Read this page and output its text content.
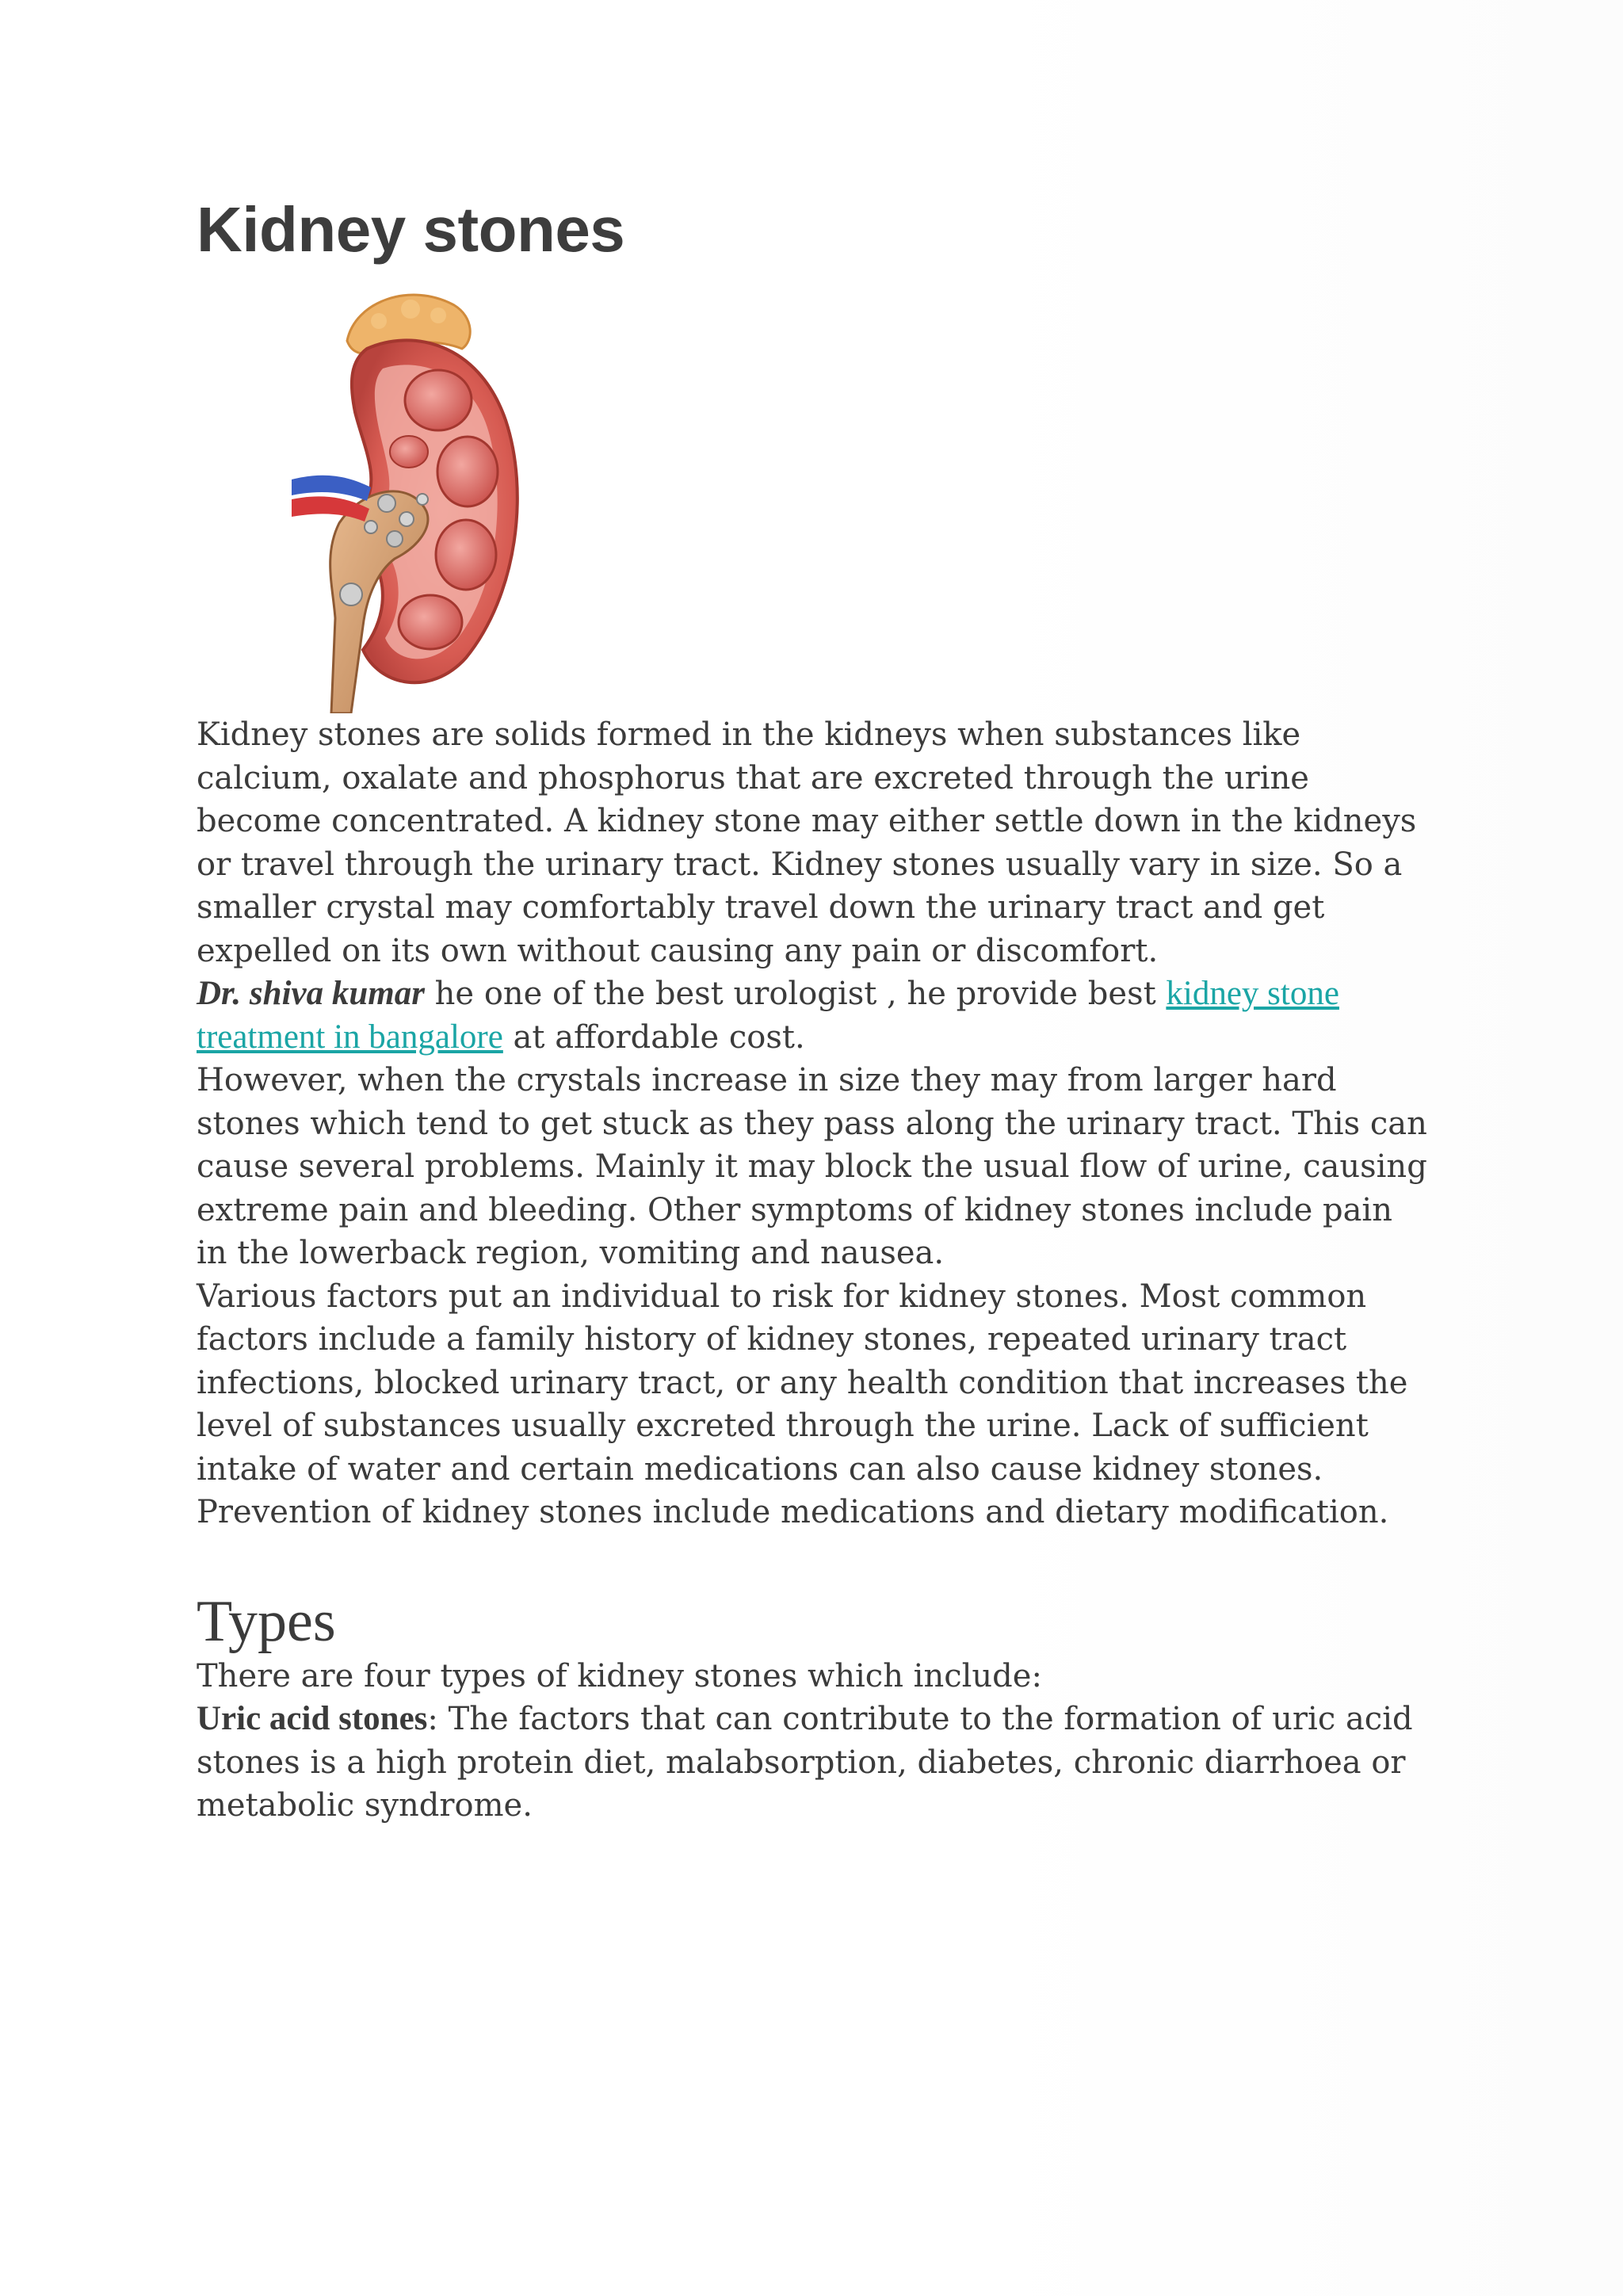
Kidney stones

Kidney stones are solids formed in the kidneys when substances like calcium, oxalate and phosphorus that are excreted through the urine become concentrated. A kidney stone may either settle down in the kidneys or travel through the urinary tract. Kidney stones usually vary in size. So a smaller crystal may comfortably travel down the urinary tract and get expelled on its own without causing any pain or discomfort.

Dr. shiva kumar he one of the best urologist , he provide best kidney stone treatment in bangalore at affordable cost.
However, when the crystals increase in size they may from larger hard stones which tend to get stuck as they pass along the urinary tract. This can cause several problems. Mainly it may block the usual flow of urine, causing extreme pain and bleeding. Other symptoms of kidney stones include pain in the lowerback region, vomiting and nausea.

Various factors put an individual to risk for kidney stones. Most common factors include a family history of kidney stones, repeated urinary tract infections, blocked urinary tract, or any health condition that increases the level of substances usually excreted through the urine. Lack of sufficient intake of water and certain medications can also cause kidney stones. Prevention of kidney stones include medications and dietary modification.

Types

There are four types of kidney stones which include:

Uric acid stones: The factors that can contribute to the formation of uric acid stones is a high protein diet, malabsorption, diabetes, chronic diarrhoea or metabolic syndrome.
